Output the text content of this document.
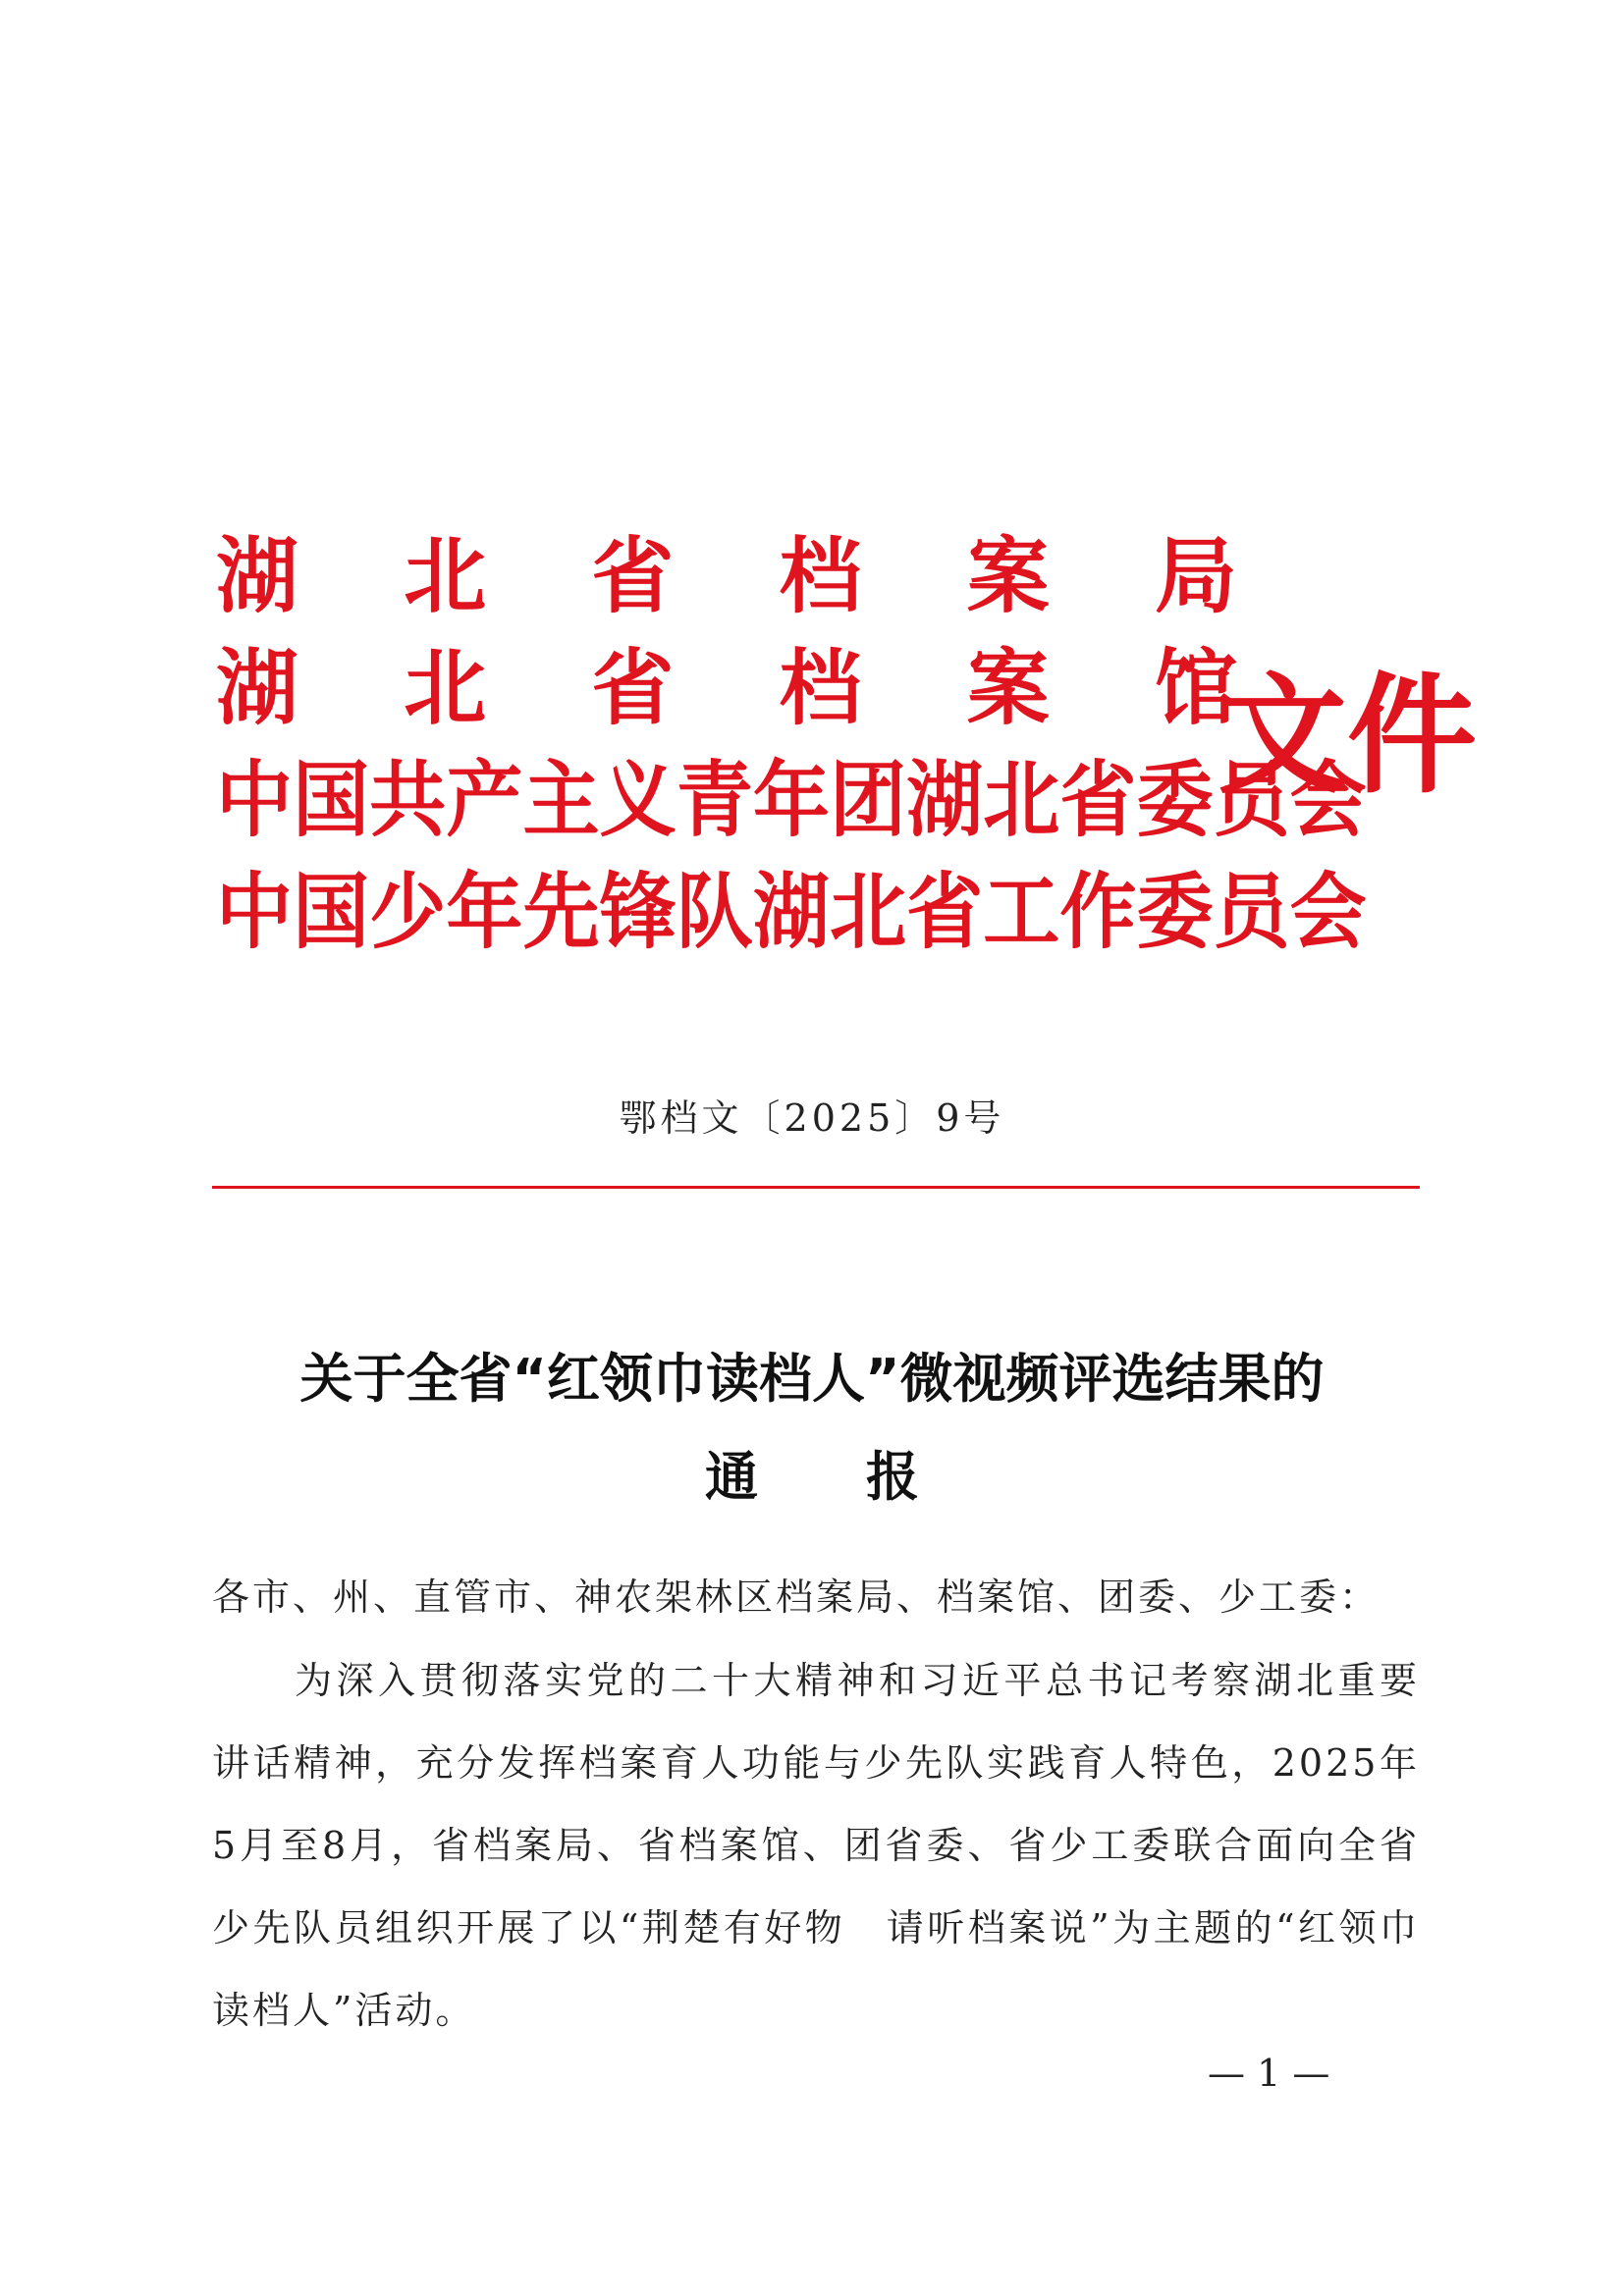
湖北省档案局
湖北省档案馆
中国共产主义青年团湖北省委员会
中国少年先锋队湖北省工作委员会
文件
鄂档文〔2025〕9号
关于全省“红领巾读档人”微视频评选结果的
通报
各市、州、直管市、神农架林区档案局、档案馆、团委、少工委：
为深入贯彻落实党的二十大精神和习近平总书记考察湖北重要讲话精神，充分发挥档案育人功能与少先队实践育人特色，2025年5月至8月，省档案局、省档案馆、团省委、省少工委联合面向全省少先队员组织开展了以“荆楚有好物　请听档案说”为主题的“红领巾读档人”活动。
— 1 —
